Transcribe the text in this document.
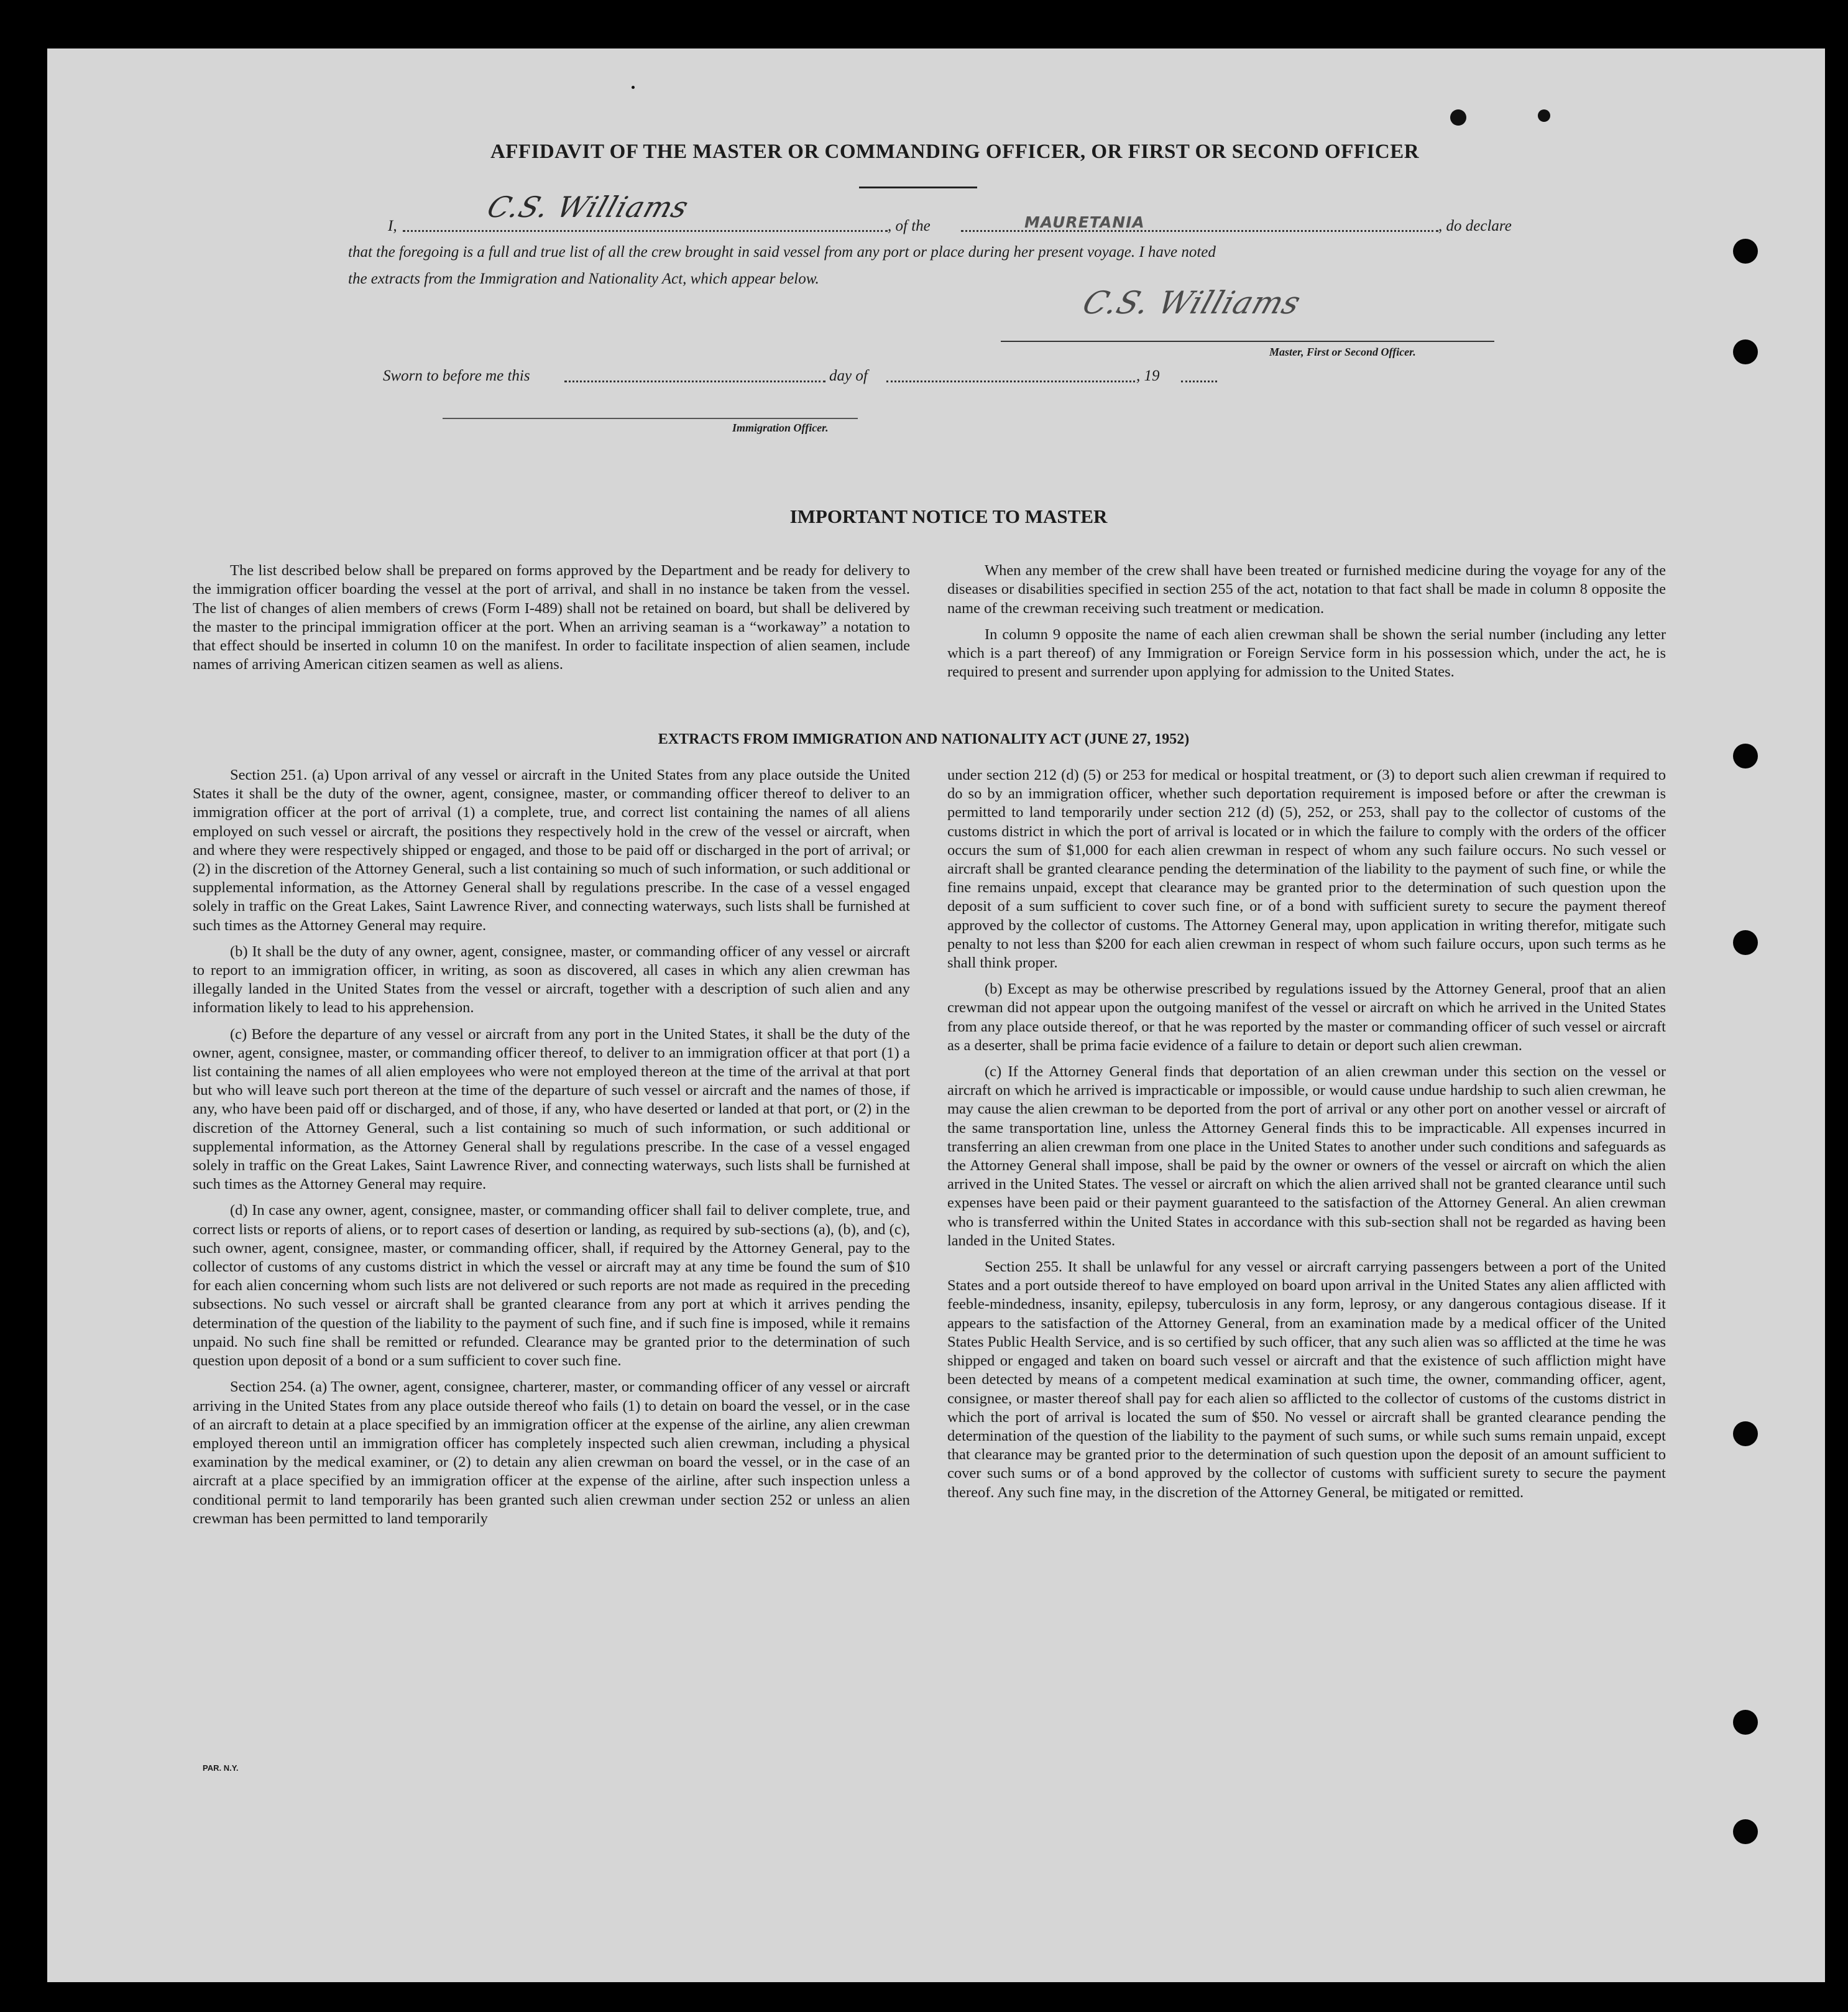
AFFIDAVIT OF THE MASTER OR COMMANDING OFFICER, OR FIRST OR SECOND OFFICER
I,
C.S. Williams
, of the	MAURETANIA	, do declare
that the foregoing is a full and true list of all the crew brought in said vessel from any port or place during her present voyage. I have noted
the extracts from the Immigration and Nationality Act, which appear below.
C.S. Williams
Master, First or Second Officer.
Sworn to before me this	day of	, 19
Immigration Officer.
IMPORTANT NOTICE TO MASTER

The list described below shall be prepared on forms approved by the Department and be ready for delivery to the immigration officer boarding the vessel at the port of arrival, and shall in no instance be taken from the vessel. The list of changes of alien members of crews (Form I-489) shall not be retained on board, but shall be delivered by the master to the principal immigration officer at the port. When an arriving seaman is a “workaway” a notation to that effect should be inserted in column 10 on the manifest. In order to facilitate inspection of alien seamen, include names of arriving American citizen seamen as well as aliens.

When any member of the crew shall have been treated or furnished medicine during the voyage for any of the diseases or disabilities specified in section 255 of the act, notation to that fact shall be made in column 8 opposite the name of the crewman receiving such treatment or medication.

In column 9 opposite the name of each alien crewman shall be shown the serial number (including any letter which is a part thereof) of any Immigration or Foreign Service form in his possession which, under the act, he is required to present and surrender upon applying for admission to the United States.

EXTRACTS FROM IMMIGRATION AND NATIONALITY ACT (JUNE 27, 1952)

Section 251. (a) Upon arrival of any vessel or aircraft in the United States from any place outside the United States it shall be the duty of the owner, agent, consignee, master, or commanding officer thereof to deliver to an immigration officer at the port of arrival (1) a complete, true, and correct list containing the names of all aliens employed on such vessel or aircraft, the positions they respectively hold in the crew of the vessel or aircraft, when and where they were respectively shipped or engaged, and those to be paid off or discharged in the port of arrival; or (2) in the discretion of the Attorney General, such a list containing so much of such information, or such additional or supplemental information, as the Attorney General shall by regulations prescribe. In the case of a vessel engaged solely in traffic on the Great Lakes, Saint Lawrence River, and connecting waterways, such lists shall be furnished at such times as the Attorney General may require.

(b) It shall be the duty of any owner, agent, consignee, master, or commanding officer of any vessel or aircraft to report to an immigration officer, in writing, as soon as discovered, all cases in which any alien crewman has illegally landed in the United States from the vessel or aircraft, together with a description of such alien and any information likely to lead to his apprehension.

(c) Before the departure of any vessel or aircraft from any port in the United States, it shall be the duty of the owner, agent, consignee, master, or commanding officer thereof, to deliver to an immigration officer at that port (1) a list containing the names of all alien employees who were not employed thereon at the time of the arrival at that port but who will leave such port thereon at the time of the departure of such vessel or aircraft and the names of those, if any, who have been paid off or discharged, and of those, if any, who have deserted or landed at that port, or (2) in the discretion of the Attorney General, such a list containing so much of such information, or such additional or supplemental information, as the Attorney General shall by regulations prescribe. In the case of a vessel engaged solely in traffic on the Great Lakes, Saint Lawrence River, and connecting waterways, such lists shall be furnished at such times as the Attorney General may require.

(d) In case any owner, agent, consignee, master, or commanding officer shall fail to deliver complete, true, and correct lists or reports of aliens, or to report cases of desertion or landing, as required by sub-sections (a), (b), and (c), such owner, agent, consignee, master, or commanding officer, shall, if required by the Attorney General, pay to the collector of customs of any customs district in which the vessel or aircraft may at any time be found the sum of $10 for each alien concerning whom such lists are not delivered or such reports are not made as required in the preceding subsections. No such vessel or aircraft shall be granted clearance from any port at which it arrives pending the determination of the question of the liability to the payment of such fine, and if such fine is imposed, while it remains unpaid. No such fine shall be remitted or refunded. Clearance may be granted prior to the determination of such question upon deposit of a bond or a sum sufficient to cover such fine.

Section 254. (a) The owner, agent, consignee, charterer, master, or commanding officer of any vessel or aircraft arriving in the United States from any place outside thereof who fails (1) to detain on board the vessel, or in the case of an aircraft to detain at a place specified by an immigration officer at the expense of the airline, any alien crewman employed thereon until an immigration officer has completely inspected such alien crewman, including a physical examination by the medical examiner, or (2) to detain any alien crewman on board the vessel, or in the case of an aircraft at a place specified by an immigration officer at the expense of the airline, after such inspection unless a conditional permit to land temporarily has been granted such alien crewman under section 252 or unless an alien crewman has been permitted to land temporarily

under section 212 (d) (5) or 253 for medical or hospital treatment, or (3) to deport such alien crewman if required to do so by an immigration officer, whether such deportation requirement is imposed before or after the crewman is permitted to land temporarily under section 212 (d) (5), 252, or 253, shall pay to the collector of customs of the customs district in which the port of arrival is located or in which the failure to comply with the orders of the officer occurs the sum of $1,000 for each alien crewman in respect of whom any such failure occurs. No such vessel or aircraft shall be granted clearance pending the determination of the liability to the payment of such fine, or while the fine remains unpaid, except that clearance may be granted prior to the determination of such question upon the deposit of a sum sufficient to cover such fine, or of a bond with sufficient surety to secure the payment thereof approved by the collector of customs. The Attorney General may, upon application in writing therefor, mitigate such penalty to not less than $200 for each alien crewman in respect of whom such failure occurs, upon such terms as he shall think proper.

(b) Except as may be otherwise prescribed by regulations issued by the Attorney General, proof that an alien crewman did not appear upon the outgoing manifest of the vessel or aircraft on which he arrived in the United States from any place outside thereof, or that he was reported by the master or commanding officer of such vessel or aircraft as a deserter, shall be prima facie evidence of a failure to detain or deport such alien crewman.

(c) If the Attorney General finds that deportation of an alien crewman under this section on the vessel or aircraft on which he arrived is impracticable or impossible, or would cause undue hardship to such alien crewman, he may cause the alien crewman to be deported from the port of arrival or any other port on another vessel or aircraft of the same transportation line, unless the Attorney General finds this to be impracticable. All expenses incurred in transferring an alien crewman from one place in the United States to another under such conditions and safeguards as the Attorney General shall impose, shall be paid by the owner or owners of the vessel or aircraft on which the alien arrived in the United States. The vessel or aircraft on which the alien arrived shall not be granted clearance until such expenses have been paid or their payment guaranteed to the satisfaction of the Attorney General. An alien crewman who is transferred within the United States in accordance with this sub-section shall not be regarded as having been landed in the United States.

Section 255. It shall be unlawful for any vessel or aircraft carrying passengers between a port of the United States and a port outside thereof to have employed on board upon arrival in the United States any alien afflicted with feeble-mindedness, insanity, epilepsy, tuberculosis in any form, leprosy, or any dangerous contagious disease. If it appears to the satisfaction of the Attorney General, from an examination made by a medical officer of the United States Public Health Service, and is so certified by such officer, that any such alien was so afflicted at the time he was shipped or engaged and taken on board such vessel or aircraft and that the existence of such affliction might have been detected by means of a competent medical examination at such time, the owner, commanding officer, agent, consignee, or master thereof shall pay for each alien so afflicted to the collector of customs of the customs district in which the port of arrival is located the sum of $50. No vessel or aircraft shall be granted clearance pending the determination of the question of the liability to the payment of such sums, or while such sums remain unpaid, except that clearance may be granted prior to the determination of such question upon the deposit of an amount sufficient to cover such sums or of a bond approved by the collector of customs with sufficient surety to secure the payment thereof. Any such fine may, in the discretion of the Attorney General, be mitigated or remitted.

PAR. N.Y.
